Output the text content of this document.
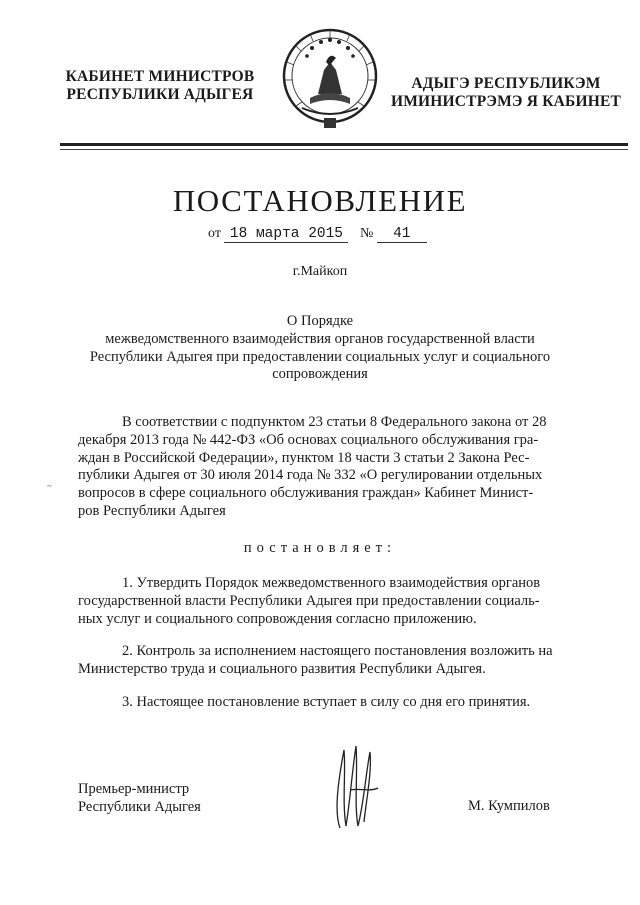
КАБИНЕТ МИНИСТРОВ
РЕСПУБЛИКИ АДЫГЕЯ
АДЫГЭ РЕСПУБЛИКЭМ
ИМИНИСТРЭМЭ Я КАБИНЕТ
ПОСТАНОВЛЕНИЕ
от 18 марта 2015 № 41
г.Майкоп
О Порядке
межведомственного взаимодействия органов государственной власти
Республики Адыгея при предоставлении социальных услуг и социального
сопровождения
~
В соответствии с подпунктом 23 статьи 8 Федерального закона от 28
декабря 2013 года № 442-ФЗ «Об основах социального обслуживания гра-
ждан в Российской Федерации», пунктом 18 части 3 статьи 2 Закона Рес-
публики Адыгея от 30 июля 2014 года № 332 «О регулировании отдельных
вопросов в сфере социального обслуживания граждан» Кабинет Минист-
ров Республики Адыгея
постановляет:
1. Утвердить Порядок межведомственного взаимодействия органов
государственной власти Республики Адыгея при предоставлении социаль-
ных услуг и социального сопровождения согласно приложению.
2. Контроль за исполнением настоящего постановления возложить на
Министерство труда и социального развития Республики Адыгея.
3. Настоящее постановление вступает в силу со дня его принятия.
Премьер-министр
Республики Адыгея	М. Кумпилов
